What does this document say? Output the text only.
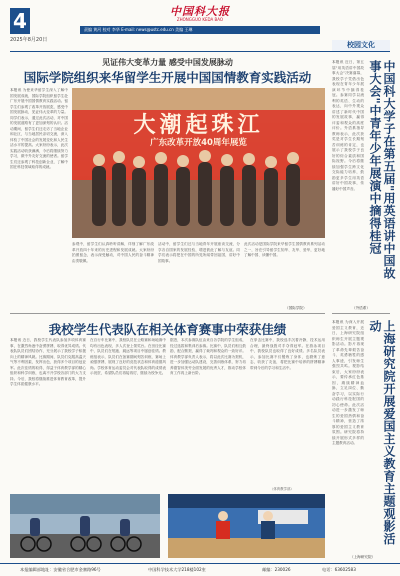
4
2025年8月20日
中国科大报
ZHONGGUO KEDA BAO
责编 黄河 校对 李华 E-mail: news@ustc.edu.cn 美编 王琳
校园文化
见证伟大变革力量 感受中国发展脉动
国际学院组织来华留学生开展中国国情教育实践活动
本报讯 为使来华留学生深入了解中国发展成就，国际学院组织留学生赴广东开展中国国情教育实践活动。留学生们参观了改革开放展览，感受中国发展脉动，见证伟大变革的力量。同学们表示，通过此次活动，对中国的发展道路有了更加深刻的认识。活动期间，留学生们还走访了当地企业和社区，与当地居民亲切交流，深入体验了中国社会的发展变化和人民生活水平的提高。大家纷纷表示，此次实践活动收获满满，今后将继续努力学习，做中外友好交流的使者。留学生们还参观了科技创新企业，了解中国在科技领域取得的成就。
大潮起珠江
广东改革开放40周年展览
参观中，留学生们认真聆听讲解，详细了解广东改革开放四十年来的历史进程和发展成就。大家纷纷拍照留念，表示深受触动，对中国人民的奋斗精神由衷敬佩。
活动中，留学生们还与当地青年开展座谈交流，分享各自国家的发展经验，增进彼此了解与友谊。同学们表示将把在中国的所见所闻带回祖国，讲好中国故事。
此次活动是国际学院来华留学生国情教育系列活动之一，旨在引导留学生知华、友华、爱华，更好地了解中国、读懂中国。
（国际学院）
我校学生代表队在相关体育赛事中荣获佳绩
本报讯 近日，我校学生代表队参加多项体育赛事，在激烈角逐中奋勇拼搏，取得优异成绩。代表队队员们团结协作，充分展示了我校学子积极向上的精神风貌。比赛期间，队员们克服高温天气等不利因素，发挥出色，获得多个项目的冠亚军。此次佳绩的取得，得益于体育教学部的精心组织和科学训练，也离不开学校各部门的大力支持。今后，我校将继续推进体育教育改革，提升学生体质健康水平。
在自行车比赛中，我校队员在公路赛和场地赛中均有出色表现，多人次登上领奖台。在田径比赛中，队员们在短跑、跳远等项目中屡创佳绩。教练组表示，队员们在备赛期间刻苦训练，赛场上顽强拼搏，展现了良好的竞技状态和体育道德风尚。学校体育运动委员会对代表队取得的成绩表示祝贺，希望队员们再接再厉，继续为校争光。
据悉，本次参赛队伍由来自各学院的学生组成，经过选拔和集训后参赛。比赛中，队员们相互鼓励，配合默契，赢得了裁判和观众的一致好评。体育教学部负责人表示，将以此次比赛为契机，进一步加强运动队建设，完善训练体系，努力培养德智体美劳全面发展的优秀人才，推动学校体育工作再上新台阶。
在拳击比赛中，我校选手沉着冷静，技术运用合理，最终战胜对手夺得冠军。在游泳项目中，我校队员也取得了良好成绩。多名队员表示，参加比赛不仅锻炼了身体，也磨炼了意志，收获了友谊，将把比赛中培养的拼搏精神带到今后的学习和生活中。
（体育教学部）
中国科大学子在第五届"用英语讲中国故事大会"中青年少年展演中摘得桂冠
本报讯 近日，第五届"用英语讲中国故事大会"决赛落幕，我校学子凭借出色表现在青年少年展演环节中摘得桂冠。参赛同学以流利的英语、生动的表达，向中外观众讲述了新时代中国的发展故事，赢得评委和观众的高度评价。外语系指导教师表示，此次获奖是对学生长期刻苦训练的肯定，也展示了我校学子良好的综合素质和国际视野。今后将继续加强学生跨文化交际能力培养，鼓励更多学生用英语讲好中国故事，传播好中国声音。
（外语系）
上海研究院开展爱国主义教育主题观影活动
本报讯 为深入开展爱国主义教育，近日，上海研究院组织师生开展主题观影活动。影片再现了革命先辈艰苦奋斗、英勇牺牲的感人事迹，引发师生强烈共鸣。观影结束后，大家纷纷表示，要传承红色基因，赓续精神血脉，立足岗位、勤奋学习，以实际行动践行科技报国的初心使命。此次活动进一步激发了师生的爱国热情和奋斗精神，营造了浓厚的爱国主义教育氛围。研究院将持续开展形式多样的主题教育活动。
（上海研究院）
本报编辑部地址：安徽省合肥市金寨路96号	中国科学技术大学218楼102室	邮编：230026	电话：63602583
